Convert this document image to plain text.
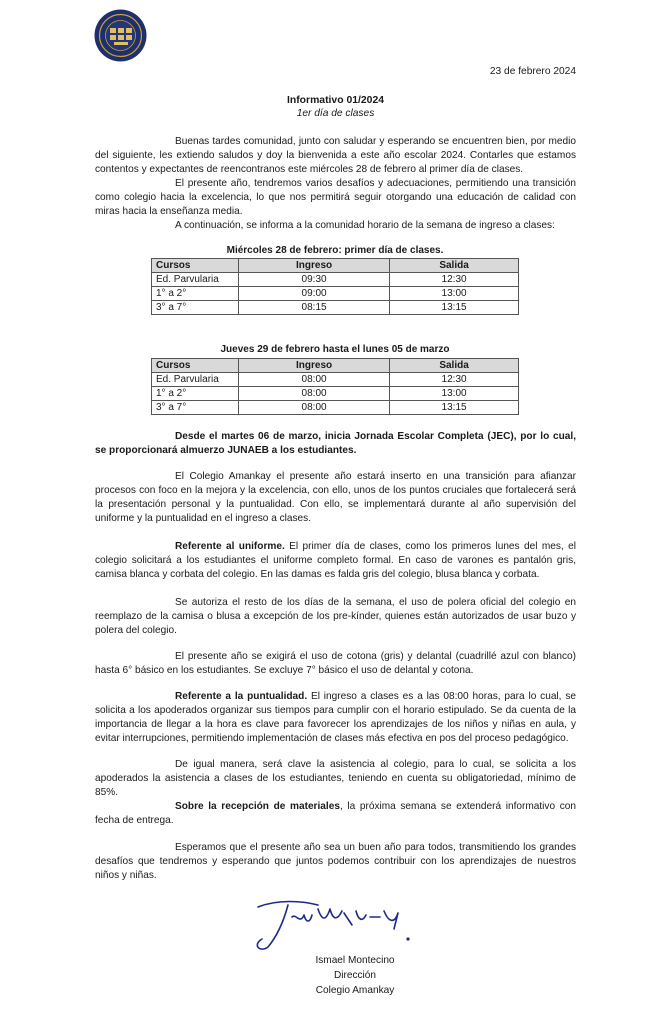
23 de febrero 2024
Informativo 01/2024
1er día de clases
Buenas tardes comunidad, junto con saludar y esperando se encuentren bien, por medio del siguiente, les extiendo saludos y doy la bienvenida a este año escolar 2024. Contarles que estamos contentos y expectantes de reencontranos este miércoles 28 de febrero al primer día de clases.
El presente año, tendremos varios desafíos y adecuaciones, permitiendo una transición como colegio hacia la excelencia, lo que nos permitirá seguir otorgando una educación de calidad con miras hacia la enseñanza media.
A continuación, se informa a la comunidad horario de la semana de ingreso a clases:
Miércoles 28 de febrero: primer día de clases.
Cursos	Ingreso	Salida
Ed. Parvularia	09:30	12:30
1° a 2°	09:00	13:00
3° a 7°	08:15	13:15
Jueves 29 de febrero hasta el lunes 05 de marzo
Cursos	Ingreso	Salida
Ed. Parvularia	08:00	12:30
1° a 2°	08:00	13:00
3° a 7°	08:00	13:15
Desde el martes 06 de marzo, inicia Jornada Escolar Completa (JEC), por lo cual, se proporcionará almuerzo JUNAEB a los estudiantes.
El Colegio Amankay el presente año estará inserto en una transición para afianzar procesos con foco en la mejora y la excelencia, con ello, unos de los puntos cruciales que fortalecerá será la presentación personal y la puntualidad. Con ello, se implementará durante al año supervisión del uniforme y la puntualidad en el ingreso a clases.
Referente al uniforme. El primer día de clases, como los primeros lunes del mes, el colegio solicitará a los estudiantes el uniforme completo formal. En caso de varones es pantalón gris, camisa blanca y corbata del colegio. En las damas es falda gris del colegio, blusa blanca y corbata.
Se autoriza el resto de los días de la semana, el uso de polera oficial del colegio en reemplazo de la camisa o blusa a excepción de los pre-kínder, quienes están autorizados de usar buzo y polera del colegio.
El presente año se exigirá el uso de cotona (gris) y delantal (cuadrillé azul con blanco) hasta 6° básico en los estudiantes. Se excluye 7° básico el uso de delantal y cotona.
Referente a la puntualidad. El ingreso a clases es a las 08:00 horas, para lo cual, se solicita a los apoderados organizar sus tiempos para cumplir con el horario estipulado. Se da cuenta de la importancia de llegar a la hora es clave para favorecer los aprendizajes de los niños y niñas en aula, y evitar interrupciones, permitiendo implementación de clases más efectiva en pos del proceso pedagógico.
De igual manera, será clave la asistencia al colegio, para lo cual, se solicita a los apoderados la asistencia a clases de los estudiantes, teniendo en cuenta su obligatoriedad, mínimo de 85%.
Sobre la recepción de materiales, la próxima semana se extenderá informativo con fecha de entrega.
Esperamos que el presente año sea un buen año para todos, transmitiendo los grandes desafíos que tendremos y esperando que juntos podemos contribuir con los aprendizajes de nuestros niños y niñas.
Ismael Montecino
Dirección
Colegio Amankay
